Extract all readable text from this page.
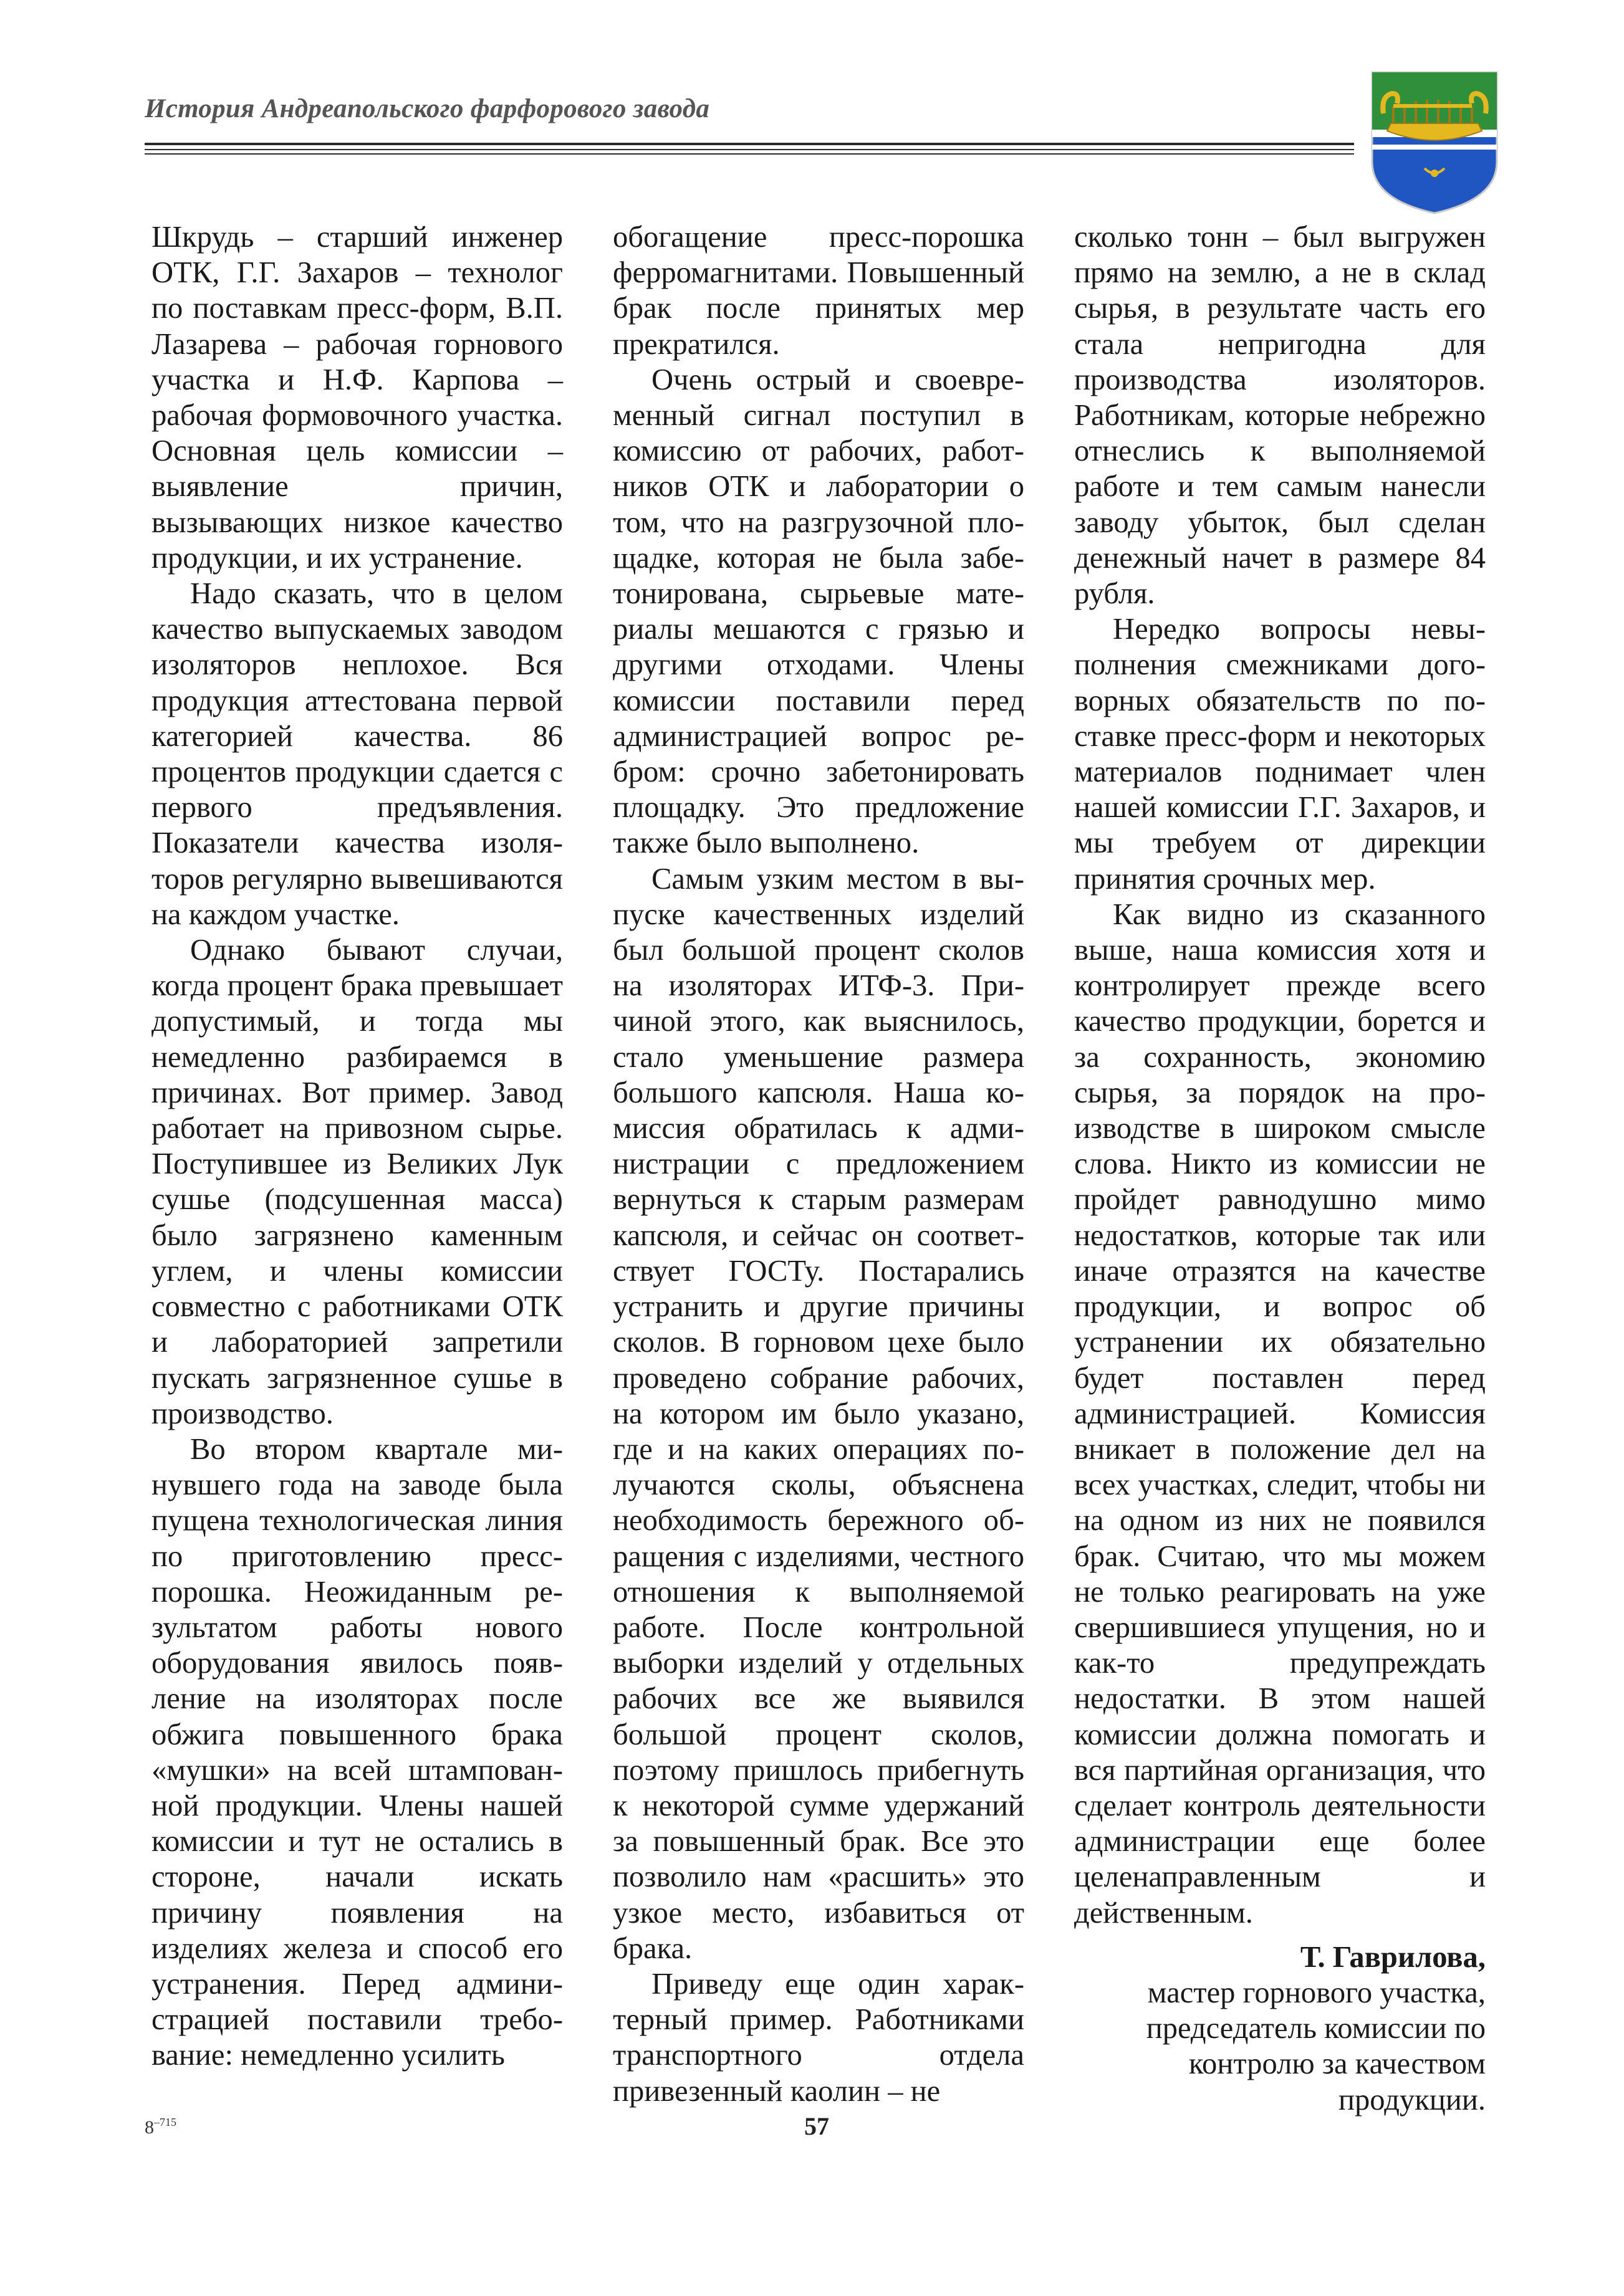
История Андреапольского фарфорового завода

Шкрудь – старший инженер ОТК, Г.Г. Захаров – технолог по поставкам пресс-форм, В.П. Лазарева – рабочая горнового участка и Н.Ф. Карпова – рабочая формовочного участка. Основная цель комиссии – выявление причин, вызывающих низкое качество продукции, и их устранение.

Надо сказать, что в целом качество выпускаемых заводом изоляторов неплохое. Вся продукция аттестована первой категорией качества. 86 процентов продукции сдается с первого предъявления. Показатели качества изоляторов регулярно вывешиваются на каждом участке.

Однако бывают случаи, когда процент брака превышает допустимый, и тогда мы немедленно разбираемся в причинах. Вот пример. Завод работает на привозном сырье. Поступившее из Великих Лук сушье (подсушенная масса) было загрязнено каменным углем, и члены комиссии совместно с работниками ОТК и лабораторией запретили пускать загрязненное сушье в производство.

Во втором квартале минувшего года на заводе была пущена технологическая линия по приготовлению пресс-порошка. Неожиданным результатом работы нового оборудования явилось появление на изоляторах после обжига повышенного брака «мушки» на всей штампованной продукции. Члены нашей комиссии и тут не остались в стороне, начали искать причину появления на изделиях железа и способ его устранения. Перед администрацией поставили требование: немедленно усилить

обогащение пресс-порошка ферромагнитами. Повышенный брак после принятых мер прекратился.

Очень острый и своевременный сигнал поступил в комиссию от рабочих, работников ОТК и лаборатории о том, что на разгрузочной площадке, которая не была забетонирована, сырьевые материалы мешаются с грязью и другими отходами. Члены комиссии поставили перед администрацией вопрос ребром: срочно забетонировать площадку. Это предложение также было выполнено.

Самым узким местом в выпуске качественных изделий был большой процент сколов на изоляторах ИТФ-3. Причиной этого, как выяснилось, стало уменьшение размера большого капсюля. Наша комиссия обратилась к администрации с предложением вернуться к старым размерам капсюля, и сейчас он соответствует ГОСТу. Постарались устранить и другие причины сколов. В горновом цехе было проведено собрание рабочих, на котором им было указано, где и на каких операциях получаются сколы, объяснена необходимость бережного обращения с изделиями, честного отношения к выполняемой работе. После контрольной выборки изделий у отдельных рабочих все же выявился большой процент сколов, поэтому пришлось прибегнуть к некоторой сумме удержаний за повышенный брак. Все это позволило нам «расшить» это узкое место, избавиться от брака.

Приведу еще один характерный пример. Работниками транспортного отдела привезенный каолин – не

сколько тонн – был выгружен прямо на землю, а не в склад сырья, в результате часть его стала непригодна для производства изоляторов. Работникам, которые небрежно отнеслись к выполняемой работе и тем самым нанесли заводу убыток, был сделан денежный начет в размере 84 рубля.

Нередко вопросы невыполнения смежниками договорных обязательств по поставке пресс-форм и некоторых материалов поднимает член нашей комиссии Г.Г. Захаров, и мы требуем от дирекции принятия срочных мер.

Как видно из сказанного выше, наша комиссия хотя и контролирует прежде всего качество продукции, борется и за сохранность, экономию сырья, за порядок на производстве в широком смысле слова. Никто из комиссии не пройдет равнодушно мимо недостатков, которые так или иначе отразятся на качестве продукции, и вопрос об устранении их обязательно будет поставлен перед администрацией. Комиссия вникает в положение дел на всех участках, следит, чтобы ни на одном из них не появился брак. Считаю, что мы можем не только реагировать на уже свершившиеся упущения, но и как-то предупреждать недостатки. В этом нашей комиссии должна помогать и вся партийная организация, что сделает контроль деятельности администрации еще более целенаправленным и действенным.

Т. Гаврилова,
мастер горнового участка,
председатель комиссии по
контролю за качеством
продукции.
$8^{-715}$	57
